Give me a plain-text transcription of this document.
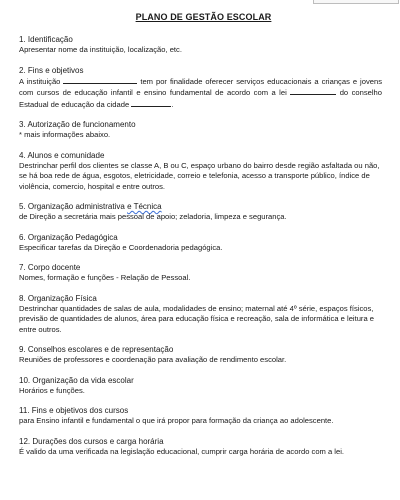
PLANO DE GESTÃO ESCOLAR
1. Identificação
Apresentar nome da instituição, localização, etc.
2. Fins e objetivos
A instituição	tem por finalidade oferecer serviços educacionais a crianças e jovens com cursos de educação infantil e ensino fundamental de acordo com a lei	do conselho Estadual de educação da cidade	.
3. Autorização de funcionamento
* mais informações abaixo.
4. Alunos e comunidade
Destrinchar perfil dos clientes se classe A, B ou C, espaço urbano do bairro desde região asfaltada ou não, se há boa rede de água, esgotos, eletricidade, correio e telefonia, acesso a transporte público, índice de violência, comercio, hospital e entre outros.
5. Organização administrativa e Técnica
de Direção a secretária mais pessoal de apoio; zeladoria, limpeza e segurança.
6. Organização Pedagógica
Especificar tarefas da Direção e Coordenadoria pedagógica.
7. Corpo docente
Nomes, formação e funções - Relação de Pessoal.
8. Organização Física
Destrinchar quantidades de salas de aula, modalidades de ensino; maternal até 4º série, espaços físicos, previsão de quantidades de alunos, área para educação física e recreação, sala de informática e leitura e entre outros.
9. Conselhos escolares e de representação
Reuniões de professores e coordenação para avaliação de rendimento escolar.
10. Organização da vida escolar
Horários e funções.
11. Fins e objetivos dos cursos
para Ensino infantil e fundamental o que irá propor para formação da criança ao adolescente.
12. Durações dos cursos e carga horária
É valido da uma verificada na legislação educacional, cumprir carga horária de acordo com a lei.
